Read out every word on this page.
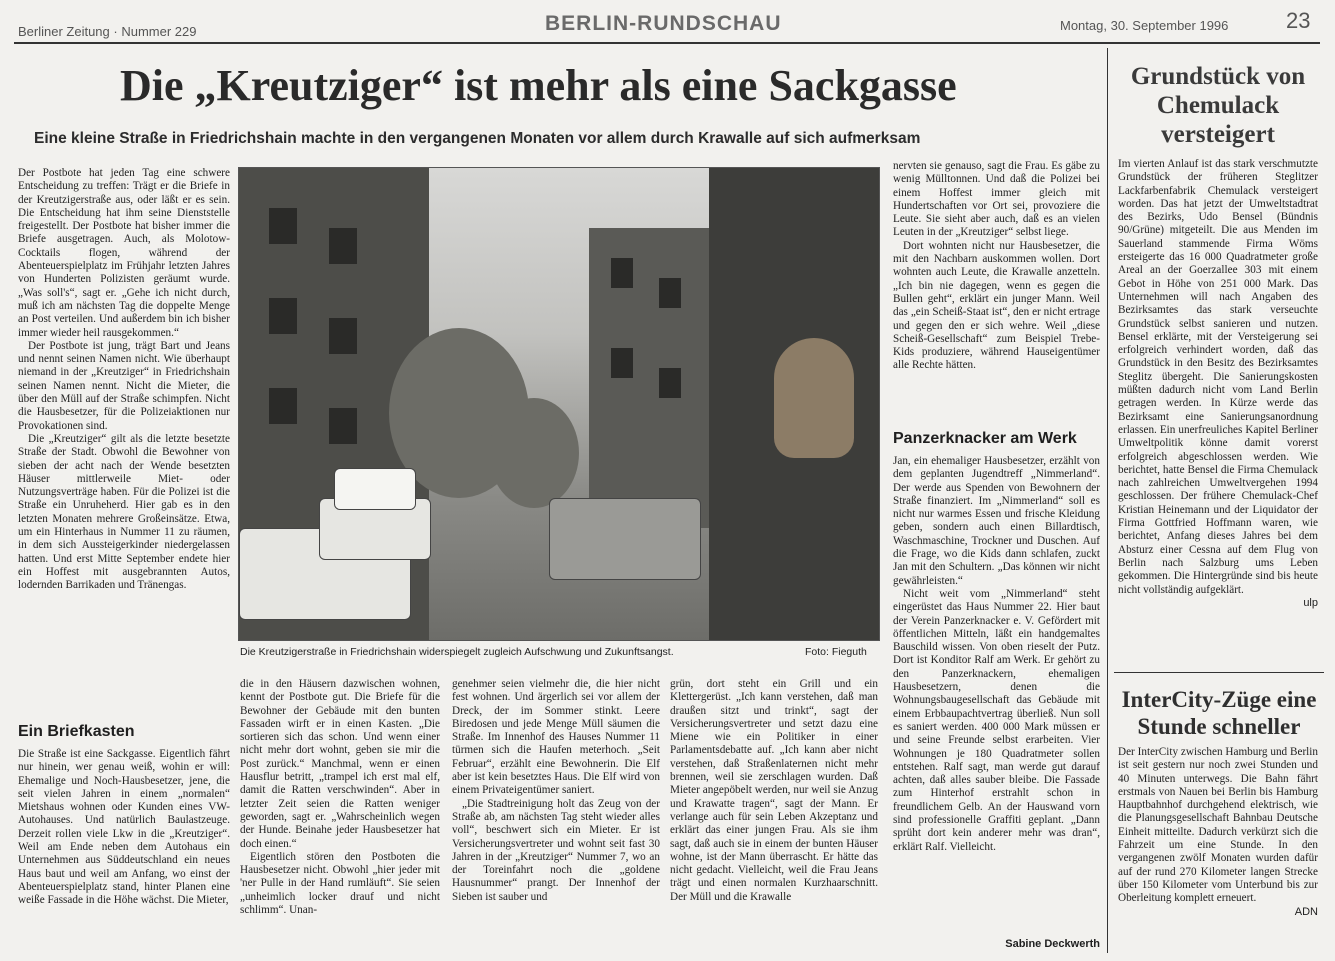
Berliner Zeitung · Nummer 229	BERLIN-RUNDSCHAU	Montag, 30. September 1996	23
Die „Kreutziger“ ist mehr als eine Sackgasse
Eine kleine Straße in Friedrichshain machte in den vergangenen Monaten vor allem durch Krawalle auf sich aufmerksam

Der Postbote hat jeden Tag eine schwere Entscheidung zu treffen: Trägt er die Briefe in der Kreutzigerstraße aus, oder läßt er es sein. Die Entscheidung hat ihm seine Dienststelle freigestellt. Der Postbote hat bisher immer die Briefe ausgetragen. Auch, als Molotow-Cocktails flogen, während der Abenteuerspielplatz im Frühjahr letzten Jahres von Hunderten Polizisten geräumt wurde. „Was soll's“, sagt er. „Gehe ich nicht durch, muß ich am nächsten Tag die doppelte Menge an Post verteilen. Und außerdem bin ich bisher immer wieder heil rausgekommen.“

Der Postbote ist jung, trägt Bart und Jeans und nennt seinen Namen nicht. Wie überhaupt niemand in der „Kreutziger“ in Friedrichshain seinen Namen nennt. Nicht die Mieter, die über den Müll auf der Straße schimpfen. Nicht die Hausbesetzer, für die Polizeiaktionen nur Provokationen sind.

Die „Kreutziger“ gilt als die letzte besetzte Straße der Stadt. Obwohl die Bewohner von sieben der acht nach der Wende besetzten Häuser mittlerweile Miet- oder Nutzungsverträge haben. Für die Polizei ist die Straße ein Unruheherd. Hier gab es in den letzten Monaten mehrere Großeinsätze. Etwa, um ein Hinterhaus in Nummer 11 zu räumen, in dem sich Aussteigerkinder niedergelassen hatten. Und erst Mitte September endete hier ein Hoffest mit ausgebrannten Autos, lodernden Barrikaden und Tränengas.

Ein Briefkasten

Die Straße ist eine Sackgasse. Eigentlich fährt nur hinein, wer genau weiß, wohin er will: Ehemalige und Noch-Hausbesetzer, jene, die seit vielen Jahren in einem „normalen“ Mietshaus wohnen oder Kunden eines VW-Autohauses. Und natürlich Baulastzeuge. Derzeit rollen viele Lkw in die „Kreutziger“. Weil am Ende neben dem Autohaus ein Unternehmen aus Süddeutschland ein neues Haus baut und weil am Anfang, wo einst der Abenteuerspielplatz stand, hinter Planen eine weiße Fassade in die Höhe wächst. Die Mieter,

Die Kreutzigerstraße in Friedrichshain widerspiegelt zugleich Aufschwung und Zukunftsangst.	Foto: Fieguth

die in den Häusern dazwischen wohnen, kennt der Postbote gut. Die Briefe für die Bewohner der Gebäude mit den bunten Fassaden wirft er in einen Kasten. „Die sortieren sich das schon. Und wenn einer nicht mehr dort wohnt, geben sie mir die Post zurück.“ Manchmal, wenn er einen Hausflur betritt, „trampel ich erst mal elf, damit die Ratten verschwinden“. Aber in letzter Zeit seien die Ratten weniger geworden, sagt er. „Wahrscheinlich wegen der Hunde. Beinahe jeder Hausbesetzer hat doch einen.“

Eigentlich stören den Postboten die Hausbesetzer nicht. Obwohl „hier jeder mit 'ner Pulle in der Hand rumläuft“. Sie seien „unheimlich locker drauf und nicht schlimm“. Unan-

genehmer seien vielmehr die, die hier nicht fest wohnen. Und ärgerlich sei vor allem der Dreck, der im Sommer stinkt. Leere Biredosen und jede Menge Müll säumen die Straße. Im Innenhof des Hauses Nummer 11 türmen sich die Haufen meterhoch. „Seit Februar“, erzählt eine Bewohnerin. Die Elf aber ist kein besetztes Haus. Die Elf wird von einem Privateigentümer saniert.

„Die Stadtreinigung holt das Zeug von der Straße ab, am nächsten Tag steht wieder alles voll“, beschwert sich ein Mieter. Er ist Versicherungsvertreter und wohnt seit fast 30 Jahren in der „Kreutziger“ Nummer 7, wo an der Toreinfahrt noch die „goldene Hausnummer“ prangt. Der Innenhof der Sieben ist sauber und

grün, dort steht ein Grill und ein Klettergerüst. „Ich kann verstehen, daß man draußen sitzt und trinkt“, sagt der Versicherungsvertreter und setzt dazu eine Miene wie ein Politiker in einer Parlamentsdebatte auf. „Ich kann aber nicht verstehen, daß Straßenlaternen nicht mehr brennen, weil sie zerschlagen wurden. Daß Mieter angepöbelt werden, nur weil sie Anzug und Krawatte tragen“, sagt der Mann. Er verlange auch für sein Leben Akzeptanz und erklärt das einer jungen Frau. Als sie ihm sagt, daß auch sie in einem der bunten Häuser wohne, ist der Mann überrascht. Er hätte das nicht gedacht. Vielleicht, weil die Frau Jeans trägt und einen normalen Kurzhaarschnitt. Der Müll und die Krawalle

nervten sie genauso, sagt die Frau. Es gäbe zu wenig Mülltonnen. Und daß die Polizei bei einem Hoffest immer gleich mit Hundertschaften vor Ort sei, provoziere die Leute. Sie sieht aber auch, daß es an vielen Leuten in der „Kreutziger“ selbst liege.

Dort wohnten nicht nur Hausbesetzer, die mit den Nachbarn auskommen wollen. Dort wohnten auch Leute, die Krawalle anzetteln. „Ich bin nie dagegen, wenn es gegen die Bullen geht“, erklärt ein junger Mann. Weil das „ein Scheiß-Staat ist“, den er nicht ertrage und gegen den er sich wehre. Weil „diese Scheiß-Gesellschaft“ zum Beispiel Trebe-Kids produziere, während Hauseigentümer alle Rechte hätten.

Panzerknacker am Werk

Jan, ein ehemaliger Hausbesetzer, erzählt von dem geplanten Jugendtreff „Nimmerland“. Der werde aus Spenden von Bewohnern der Straße finanziert. Im „Nimmerland“ soll es nicht nur warmes Essen und frische Kleidung geben, sondern auch einen Billardtisch, Waschmaschine, Trockner und Duschen. Auf die Frage, wo die Kids dann schlafen, zuckt Jan mit den Schultern. „Das können wir nicht gewährleisten.“

Nicht weit vom „Nimmerland“ steht eingerüstet das Haus Nummer 22. Hier baut der Verein Panzerknacker e. V. Gefördert mit öffentlichen Mitteln, läßt ein handgemaltes Bauschild wissen. Von oben rieselt der Putz. Dort ist Konditor Ralf am Werk. Er gehört zu den Panzerknackern, ehemaligen Hausbesetzern, denen die Wohnungsbaugesellschaft das Gebäude mit einem Erbbaupachtvertrag überließ. Nun soll es saniert werden. 400 000 Mark müssen er und seine Freunde selbst erarbeiten. Vier Wohnungen je 180 Quadratmeter sollen entstehen. Ralf sagt, man werde gut darauf achten, daß alles sauber bleibe. Die Fassade zum Hinterhof erstrahlt schon in freundlichem Gelb. An der Hauswand vorn sind professionelle Graffiti geplant. „Dann sprüht dort kein anderer mehr was dran“, erklärt Ralf. Vielleicht.

Sabine Deckwerth
Grundstück von Chemulack versteigert

Im vierten Anlauf ist das stark verschmutzte Grundstück der früheren Steglitzer Lackfarbenfabrik Chemulack versteigert worden. Das hat jetzt der Umweltstadtrat des Bezirks, Udo Bensel (Bündnis 90/Grüne) mitgeteilt. Die aus Menden im Sauerland stammende Firma Wöms ersteigerte das 16 000 Quadratmeter große Areal an der Goerzallee 303 mit einem Gebot in Höhe von 251 000 Mark. Das Unternehmen will nach Angaben des Bezirksamtes das stark verseuchte Grundstück selbst sanieren und nutzen. Bensel erklärte, mit der Versteigerung sei erfolgreich verhindert worden, daß das Grundstück in den Besitz des Bezirksamtes Steglitz übergeht. Die Sanierungskosten müßten dadurch nicht vom Land Berlin getragen werden. In Kürze werde das Bezirksamt eine Sanierungsanordnung erlassen. Ein unerfreuliches Kapitel Berliner Umweltpolitik könne damit vorerst erfolgreich abgeschlossen werden. Wie berichtet, hatte Bensel die Firma Chemulack nach zahlreichen Umweltvergehen 1994 geschlossen. Der frühere Chemulack-Chef Kristian Heinemann und der Liquidator der Firma Gottfried Hoffmann waren, wie berichtet, Anfang dieses Jahres bei dem Absturz einer Cessna auf dem Flug von Berlin nach Salzburg ums Leben gekommen. Die Hintergründe sind bis heute nicht vollständig aufgeklärt.

ulp
InterCity-Züge eine Stunde schneller

Der InterCity zwischen Hamburg und Berlin ist seit gestern nur noch zwei Stunden und 40 Minuten unterwegs. Die Bahn fährt erstmals von Nauen bei Berlin bis Hamburg Hauptbahnhof durchgehend elektrisch, wie die Planungsgesellschaft Bahnbau Deutsche Einheit mitteilte. Dadurch verkürzt sich die Fahrzeit um eine Stunde. In den vergangenen zwölf Monaten wurden dafür auf der rund 270 Kilometer langen Strecke über 150 Kilometer vom Unterbund bis zur Oberleitung komplett erneuert.

ADN
